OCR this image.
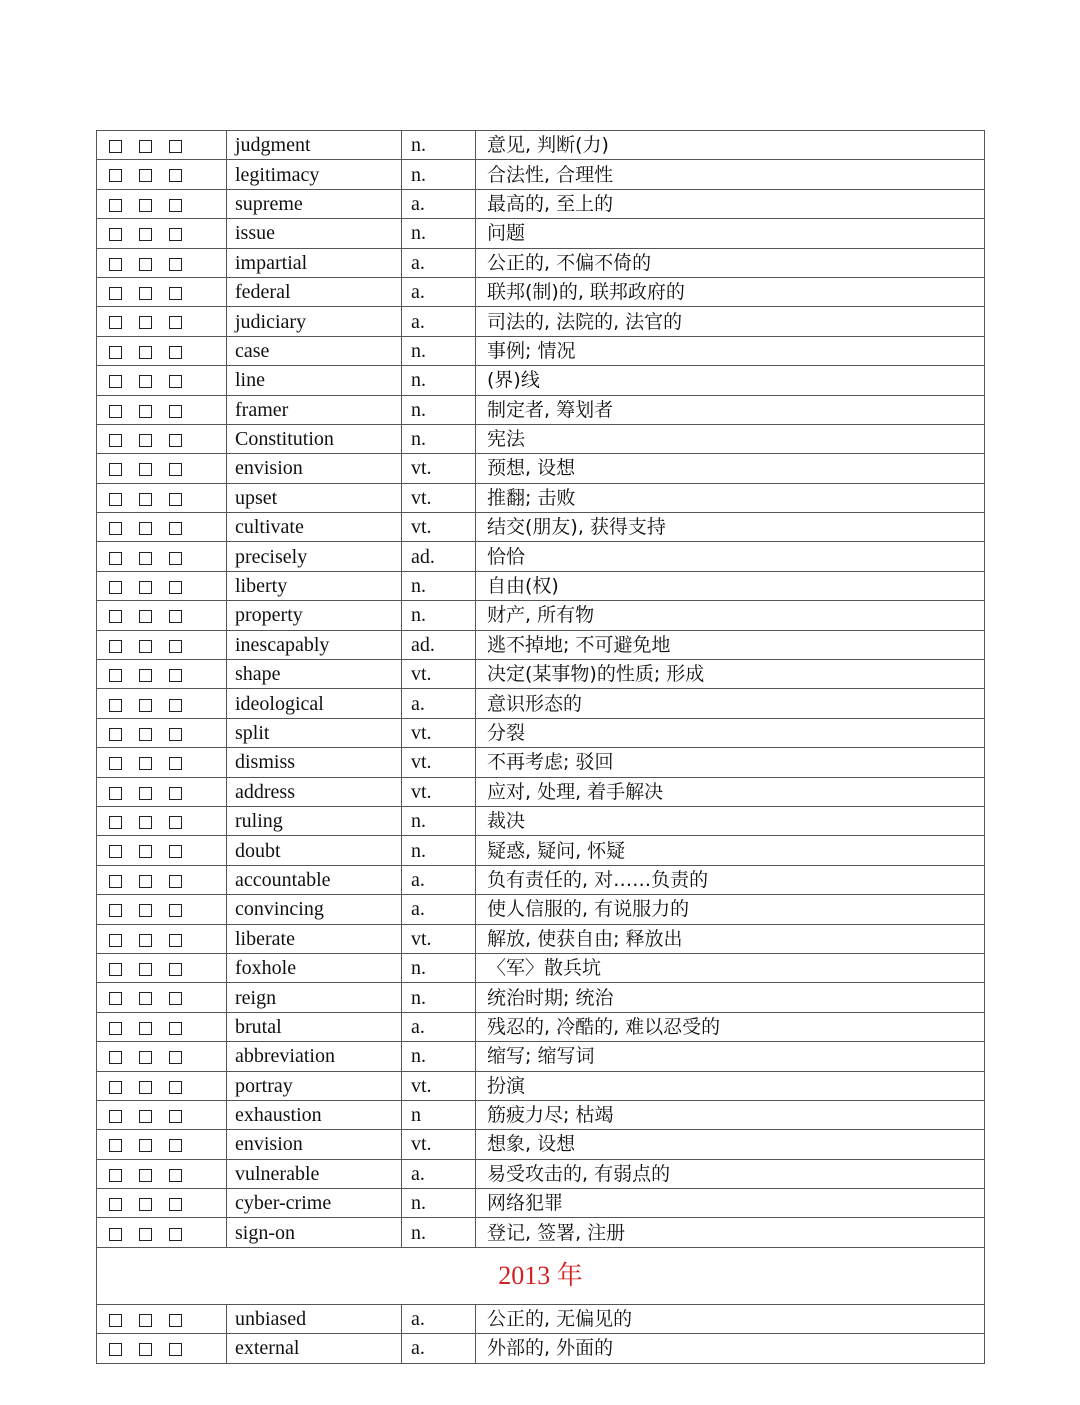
	judgment	n.	意见, 判断(力)
	legitimacy	n.	合法性, 合理性
	supreme	a.	最高的, 至上的
	issue	n.	问题
	impartial	a.	公正的, 不偏不倚的
	federal	a.	联邦(制)的, 联邦政府的
	judiciary	a.	司法的, 法院的, 法官的
	case	n.	事例; 情况
	line	n.	(界)线
	framer	n.	制定者, 筹划者
	Constitution	n.	宪法
	envision	vt.	预想, 设想
	upset	vt.	推翻; 击败
	cultivate	vt.	结交(朋友), 获得支持
	precisely	ad.	恰恰
	liberty	n.	自由(权)
	property	n.	财产, 所有物
	inescapably	ad.	逃不掉地; 不可避免地
	shape	vt.	决定(某事物)的性质; 形成
	ideological	a.	意识形态的
	split	vt.	分裂
	dismiss	vt.	不再考虑; 驳回
	address	vt.	应对, 处理, 着手解决
	ruling	n.	裁决
	doubt	n.	疑惑, 疑问, 怀疑
	accountable	a.	负有责任的, 对……负责的
	convincing	a.	使人信服的, 有说服力的
	liberate	vt.	解放, 使获自由; 释放出
	foxhole	n.	〈军〉散兵坑
	reign	n.	统治时期; 统治
	brutal	a.	残忍的, 冷酷的, 难以忍受的
	abbreviation	n.	缩写; 缩写词
	portray	vt.	扮演
	exhaustion	n	筋疲力尽; 枯竭
	envision	vt.	想象, 设想
	vulnerable	a.	易受攻击的, 有弱点的
	cyber-crime	n.	网络犯罪
	sign-on	n.	登记, 签署, 注册
2013 年			
	unbiased	a.	公正的, 无偏见的
	external	a.	外部的, 外面的
